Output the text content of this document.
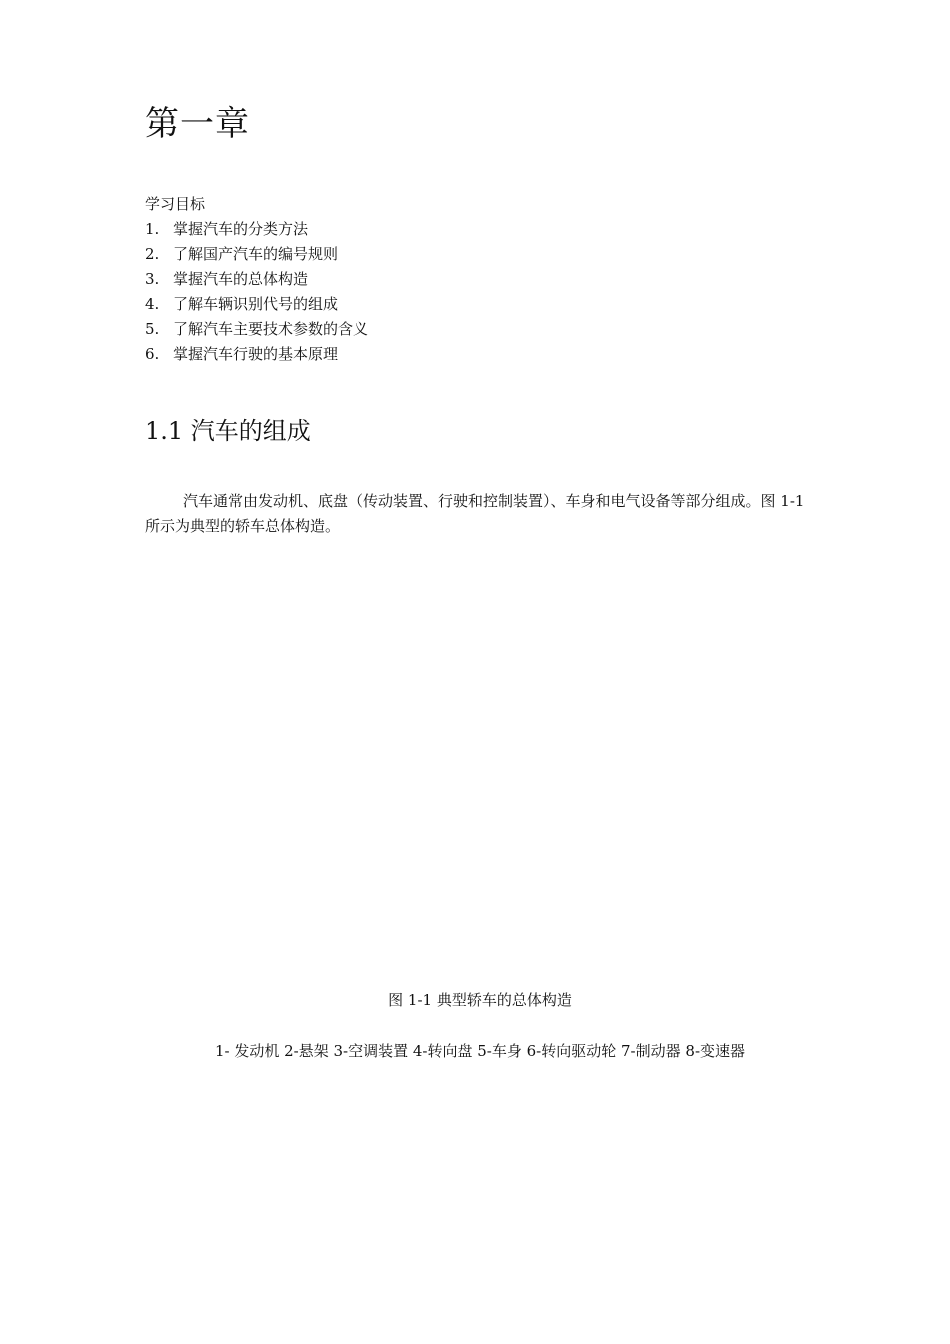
第一章
学习目标
1. 掌握汽车的分类方法
2. 了解国产汽车的编号规则
3. 掌握汽车的总体构造
4. 了解车辆识别代号的组成
5. 了解汽车主要技术参数的含义
6. 掌握汽车行驶的基本原理
1.1 汽车的组成

汽车通常由发动机、底盘（传动装置、行驶和控制装置）、车身和电气设备等部分组成。图 1-1 所示为典型的轿车总体构造。

图 1-1 典型轿车的总体构造

1- 发动机 2-悬架 3-空调装置 4-转向盘 5-车身 6-转向驱动轮 7-制动器 8-变速器
